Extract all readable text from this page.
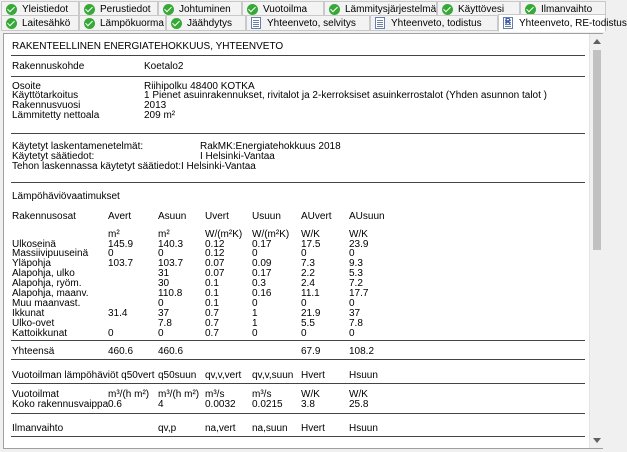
Yleistiedot	Perustiedot	Johtuminen	Vuotoilma	Lämmitysjärjestelmä Käyttövesi	Ilmanvaihto
Laitesähkö	Lämpökuorma Jäähdytys	Yhteenveto, selvitys	Yhteenveto, todistus
R	Yhteenveto, RE-todistus
RAKENTEELLINEN ENERGIATEHOKKUUS, YHTEENVETO
Rakennuskohde	Koetalo2
Osoite	Riihipolku 48400 KOTKA
Käyttötarkoitus	1 Pienet asuinrakennukset, rivitalot ja 2-kerroksiset asuinkerrostalot (Yhden asunnon talot )
Rakennusvuosi	2013
Lämmitetty nettoala	209 m²
Käytetyt laskentamenetelmät:	RakMK:Energiatehokkuus 2018
Käytetyt säätiedot:	I Helsinki-Vantaa
Tehon laskennassa käytetyt säätiedot:I Helsinki-Vantaa
Lämpöhäviövaatimukset
Rakennusosat	Avert	Asuun Uvert Usuun AUvert AUsuun
m²	m²	W/(m²K) W/(m²K) W/K	W/K
Ulkoseinä	145.9 140.3 0.12	0.17	17.5	23.9
Massiivipuuseinä 0	0	0.12	0	0	0
Yläpohja	103.7 103.7 0.07	0.09	7.3	9.3
Alapohja, ulko	31	0.07	0.17	2.2	5.3
Alapohja, ryöm.	30	0.1	0.3	2.4	7.2
Alapohja, maanv.	110.8 0.1	0.16	11.1	17.7
Muu maanvast.	0	0.1	0	0	0
Ikkunat	31.4	37	0.7	1	21.9	37
Ulko-ovet	7.8	0.7	1	5.5	7.8
Kattoikkunat	0	0	0.7	0	0	0
Yhteensä	460.6 460.6	67.9	108.2
Vuotoilman lämpöhäviöt q50vert q50suun qv,v,vert qv,v,suun Hvert Hsuun
Vuotoilmat	m³/(h m²) m³/(h m²) m³/s	m³/s	W/K	W/K
Koko rakennusvaippa 0.6	4	0.0032 0.0215 3.8	25.8
Ilmanvaihto	qv,p	na,vert na,suun Hvert Hsuun
